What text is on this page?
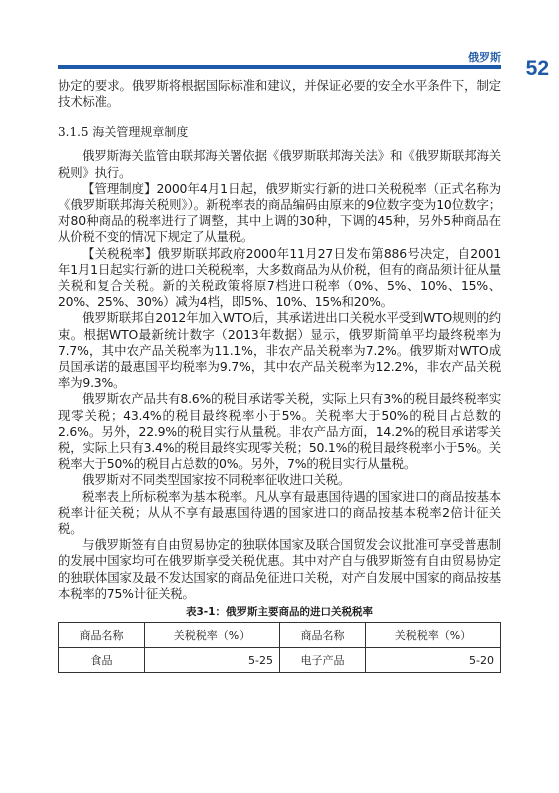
俄罗斯 52

协定的要求。俄罗斯将根据国际标准和建议，并保证必要的安全水平条件下，制定技术标准。

3.1.5 海关管理规章制度

俄罗斯海关监管由联邦海关署依据《俄罗斯联邦海关法》和《俄罗斯联邦海关税则》执行。

【管理制度】2000年4月1日起，俄罗斯实行新的进口关税税率（正式名称为《俄罗斯联邦海关税则》）。新税率表的商品编码由原来的9位数字变为10位数字；对80种商品的税率进行了调整，其中上调的30种，下调的45种，另外5种商品在从价税不变的情况下规定了从量税。

【关税税率】俄罗斯联邦政府2000年11月27日发布第886号决定，自2001年1月1日起实行新的进口关税税率，大多数商品为从价税，但有的商品须计征从量关税和复合关税。新的关税政策将原7档进口税率（0%、5%、10%、15%、20%、25%、30%）减为4档，即5%、10%、15%和20%。

俄罗斯联邦自2012年加入WTO后，其承诺进出口关税水平受到WTO规则的约束。根据WTO最新统计数字（2013年数据）显示，俄罗斯简单平均最终税率为7.7%，其中农产品关税率为11.1%，非农产品关税率为7.2%。俄罗斯对WTO成员国承诺的最惠国平均税率为9.7%，其中农产品关税率为12.2%，非农产品关税率为9.3%。

俄罗斯农产品共有8.6%的税目承诺零关税，实际上只有3%的税目最终税率实现零关税；43.4%的税目最终税率小于5%。关税率大于50%的税目占总数的2.6%。另外，22.9%的税目实行从量税。非农产品方面，14.2%的税目承诺零关税，实际上只有3.4%的税目最终实现零关税；50.1%的税目最终税率小于5%。关税率大于50%的税目占总数的0%。另外，7%的税目实行从量税。

俄罗斯对不同类型国家按不同税率征收进口关税。

税率表上所标税率为基本税率。凡从享有最惠国待遇的国家进口的商品按基本税率计征关税；从从不享有最惠国待遇的国家进口的商品按基本税率2倍计征关税。

与俄罗斯签有自由贸易协定的独联体国家及联合国贸发会议批准可享受普惠制的发展中国家均可在俄罗斯享受关税优惠。其中对产自与俄罗斯签有自由贸易协定的独联体国家及最不发达国家的商品免征进口关税，对产自发展中国家的商品按基本税率的75%计征关税。

表3-1：俄罗斯主要商品的进口关税税率
商品名称	关税税率（%）	商品名称	关税税率（%）
食品	5-25	电子产品	5-20
